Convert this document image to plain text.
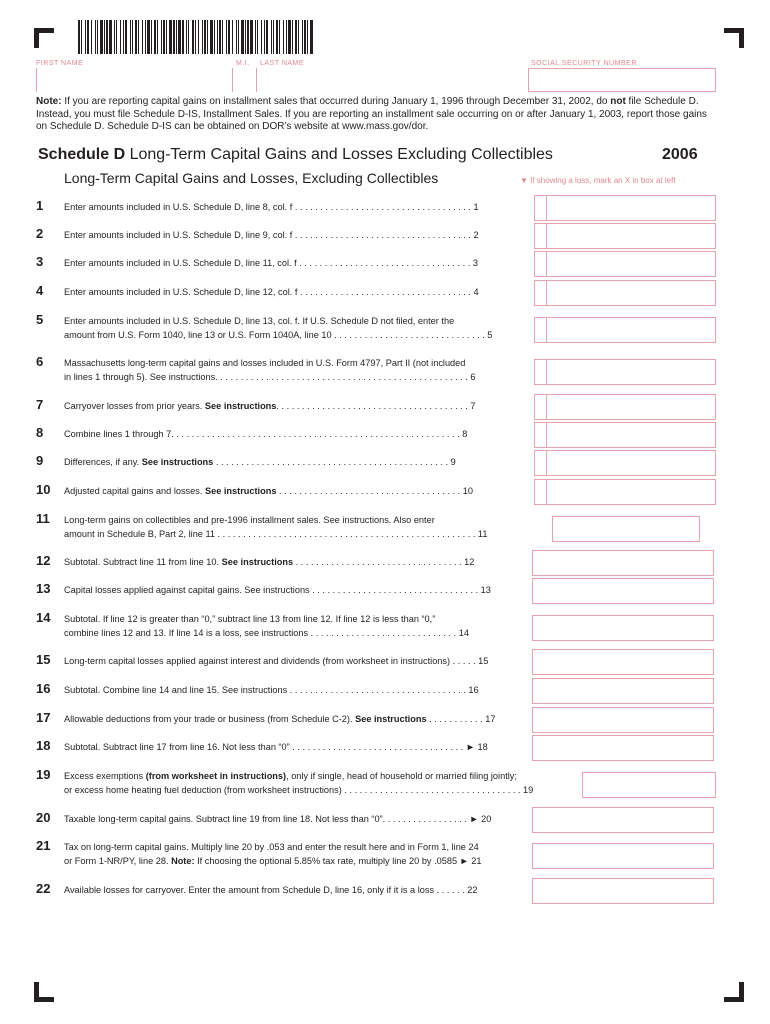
FIRST NAME	M.I. LAST NAME	SOCIAL SECURITY NUMBER
Note: If you are reporting capital gains on installment sales that occurred during January 1, 1996 through December 31, 2002, do not file Schedule D. Instead, you must file Schedule D-IS, Installment Sales. If you are reporting an installment sale occurring on or after January 1, 2003, report those gains on Schedule D. Schedule D-IS can be obtained on DOR’s website at www.mass.gov/dor.
Schedule D Long-Term Capital Gains and Losses Excluding Collectibles	2006
Long-Term Capital Gains and Losses, Excluding Collectibles	▼ If showing a loss, mark an X in box at left
1	Enter amounts included in U.S. Schedule D, line 8, col. f . . . . . . . . . . . . . . . . . . . . . . . . . . . . . . . . . . . 1
2	Enter amounts included in U.S. Schedule D, line 9, col. f . . . . . . . . . . . . . . . . . . . . . . . . . . . . . . . . . . . 2
3	Enter amounts included in U.S. Schedule D, line 11, col. f . . . . . . . . . . . . . . . . . . . . . . . . . . . . . . . . . . 3
4	Enter amounts included in U.S. Schedule D, line 12, col. f . . . . . . . . . . . . . . . . . . . . . . . . . . . . . . . . . . 4
5	Enter amounts included in U.S. Schedule D, line 13, col. f. If U.S. Schedule D not filed, enter the
amount from U.S. Form 1040, line 13 or U.S. Form 1040A, line 10 . . . . . . . . . . . . . . . . . . . . . . . . . . . . . . 5
6	Massachusetts long-term capital gains and losses included in U.S. Form 4797, Part II (not included
in lines 1 through 5). See instructions. . . . . . . . . . . . . . . . . . . . . . . . . . . . . . . . . . . . . . . . . . . . . . . . . . 6
7	Carryover losses from prior years. See instructions. . . . . . . . . . . . . . . . . . . . . . . . . . . . . . . . . . . . . . 7
8	Combine lines 1 through 7. . . . . . . . . . . . . . . . . . . . . . . . . . . . . . . . . . . . . . . . . . . . . . . . . . . . . . . . . 8
9	Differences, if any. See instructions . . . . . . . . . . . . . . . . . . . . . . . . . . . . . . . . . . . . . . . . . . . . . . 9
10	Adjusted capital gains and losses. See instructions . . . . . . . . . . . . . . . . . . . . . . . . . . . . . . . . . . . . 10
11	Long-term gains on collectibles and pre-1996 installment sales. See instructions. Also enter
amount in Schedule B, Part 2, line 11 . . . . . . . . . . . . . . . . . . . . . . . . . . . . . . . . . . . . . . . . . . . . . . . . . . . 11
12	Subtotal. Subtract line 11 from line 10. See instructions . . . . . . . . . . . . . . . . . . . . . . . . . . . . . . . . . 12
13	Capital losses applied against capital gains. See instructions . . . . . . . . . . . . . . . . . . . . . . . . . . . . . . . . . 13
14	Subtotal. If line 12 is greater than “0,” subtract line 13 from line 12. If line 12 is less than “0,”
combine lines 12 and 13. If line 14 is a loss, see instructions . . . . . . . . . . . . . . . . . . . . . . . . . . . . . 14
15	Long-term capital losses applied against interest and dividends (from worksheet in instructions) . . . . . 15
16	Subtotal. Combine line 14 and line 15. See instructions . . . . . . . . . . . . . . . . . . . . . . . . . . . . . . . . . . . 16
17	Allowable deductions from your trade or business (from Schedule C-2). See instructions . . . . . . . . . . . 17
18	Subtotal. Subtract line 17 from line 16. Not less than “0” . . . . . . . . . . . . . . . . . . . . . . . . . . . . . . . . . . ► 18
19	Excess exemptions (from worksheet in instructions), only if single, head of household or married filing jointly;
or excess home heating fuel deduction (from worksheet instructions) . . . . . . . . . . . . . . . . . . . . . . . . . . . . . . . . . . . 19
20	Taxable long-term capital gains. Subtract line 19 from line 18. Not less than “0”. . . . . . . . . . . . . . . . . ► 20
21	Tax on long-term capital gains. Multiply line 20 by .053 and enter the result here and in Form 1, line 24
or Form 1-NR/PY, line 28. Note: If choosing the optional 5.85% tax rate, multiply line 20 by .0585 ► 21
22	Available losses for carryover. Enter the amount from Schedule D, line 16, only if it is a loss . . . . . . 22
